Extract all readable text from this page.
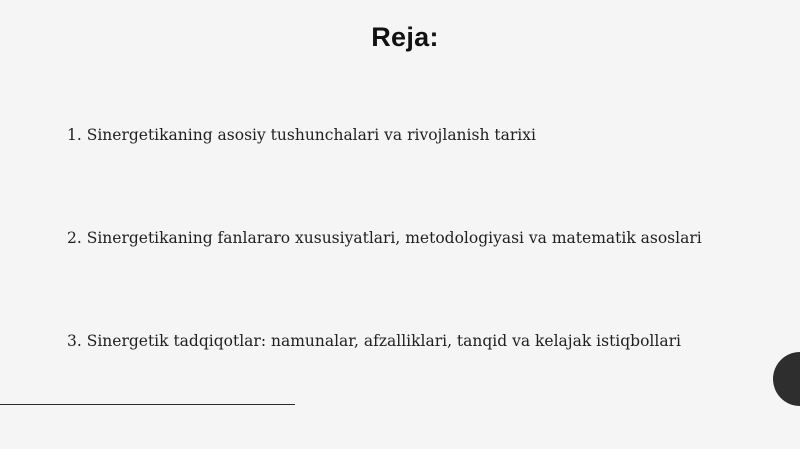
Reja:
1. Sinergetikaning asosiy tushunchalari va rivojlanish tarixi
2. Sinergetikaning fanlararo xususiyatlari, metodologiyasi va matematik asoslari
3. Sinergetik tadqiqotlar: namunalar, afzalliklari, tanqid va kelajak istiqbollari
